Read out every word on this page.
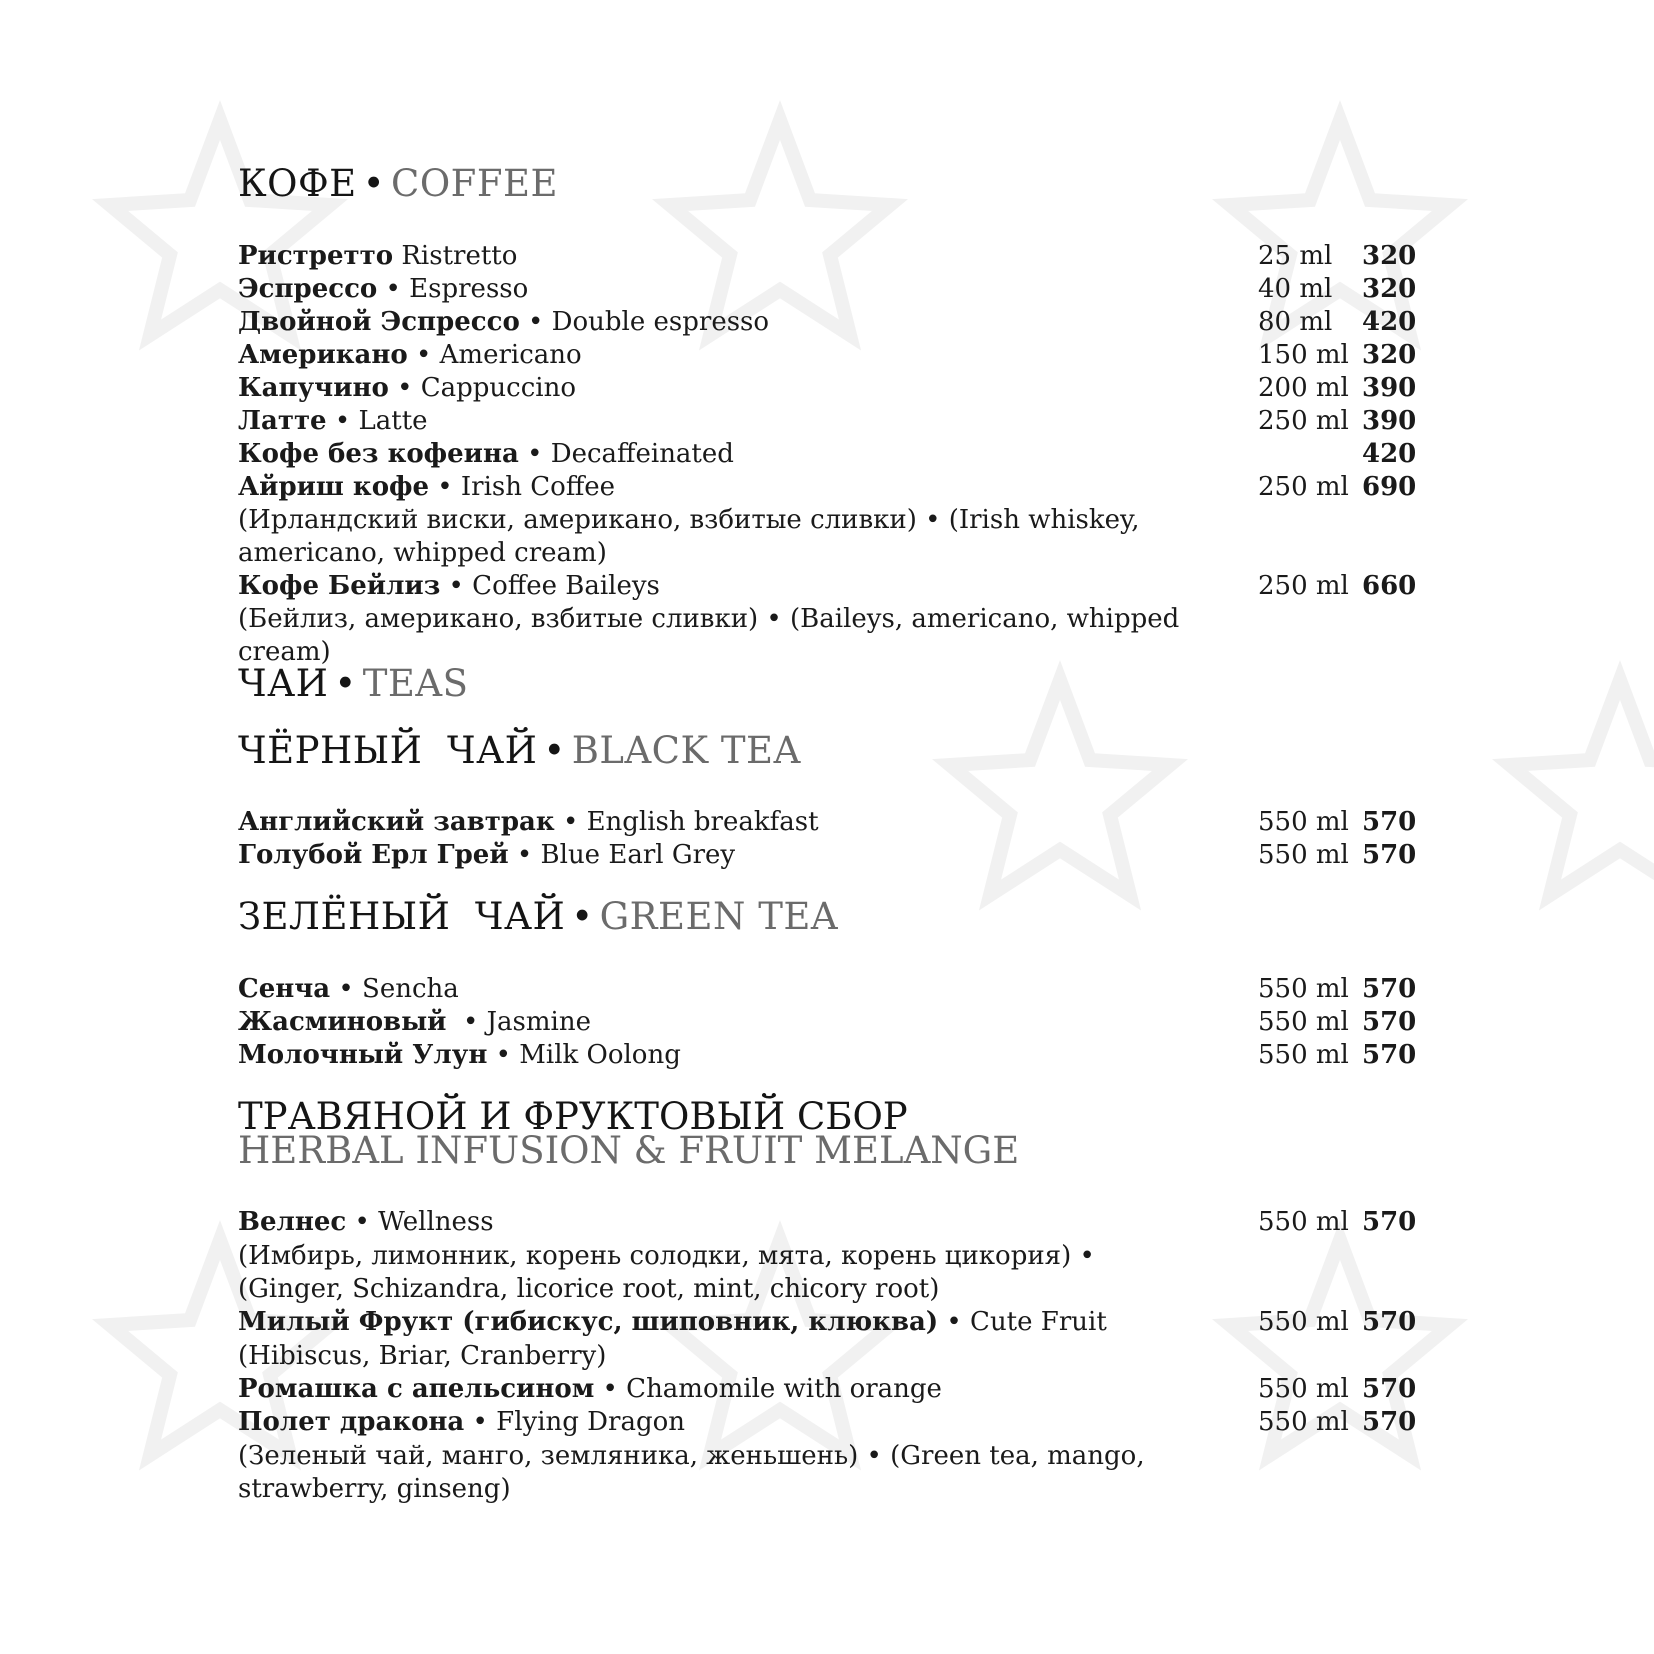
КОФЕ • COFFEE
Ристретто Ristretto	25 ml 320
Эспрессо • Espresso	40 ml 320
Двойной Эспрессо • Double espresso	80 ml 420
Американо • Americano	150 ml 320
Капучино • Cappuccino	200 ml 390
Латте • Latte	250 ml 390
Кофе без кофеина • Decaffeinated	420
Айриш кофе • Irish Coffee	250 ml 690
(Ирландский виски, американо, взбитые сливки) • (Irish whiskey, americano, whipped cream)
Кофе Бейлиз • Coffee Baileys	250 ml 660
(Бейлиз, американо, взбитые сливки) • (Baileys, americano, whipped cream)
ЧАИ • TEAS
ЧЁРНЫЙ  ЧАЙ • BLACK TEA
Английский завтрак • English breakfast	550 ml 570
Голубой Ерл Грей • Blue Earl Grey	550 ml 570
ЗЕЛЁНЫЙ  ЧАЙ • GREEN TEA
Сенча • Sencha	550 ml 570
Жасминовый  • Jasmine	550 ml 570
Молочный Улун • Milk Oolong	550 ml 570
ТРАВЯНОЙ И ФРУКТОВЫЙ СБОР
HERBAL INFUSION & FRUIT MELANGE
Велнес • Wellness	550 ml 570
(Имбирь, лимонник, корень солодки, мята, корень цикория) • (Ginger, Schizandra, licorice root, mint, chicory root)
Милый Фрукт (гибискус, шиповник, клюква) • Cute Fruit	550 ml 570
(Hibiscus, Briar, Cranberry)
Ромашка с апельсином • Chamomile with orange	550 ml 570
Полет дракона • Flying Dragon	550 ml 570
(Зеленый чай, манго, земляника, женьшень) • (Green tea, mango, strawberry, ginseng)
